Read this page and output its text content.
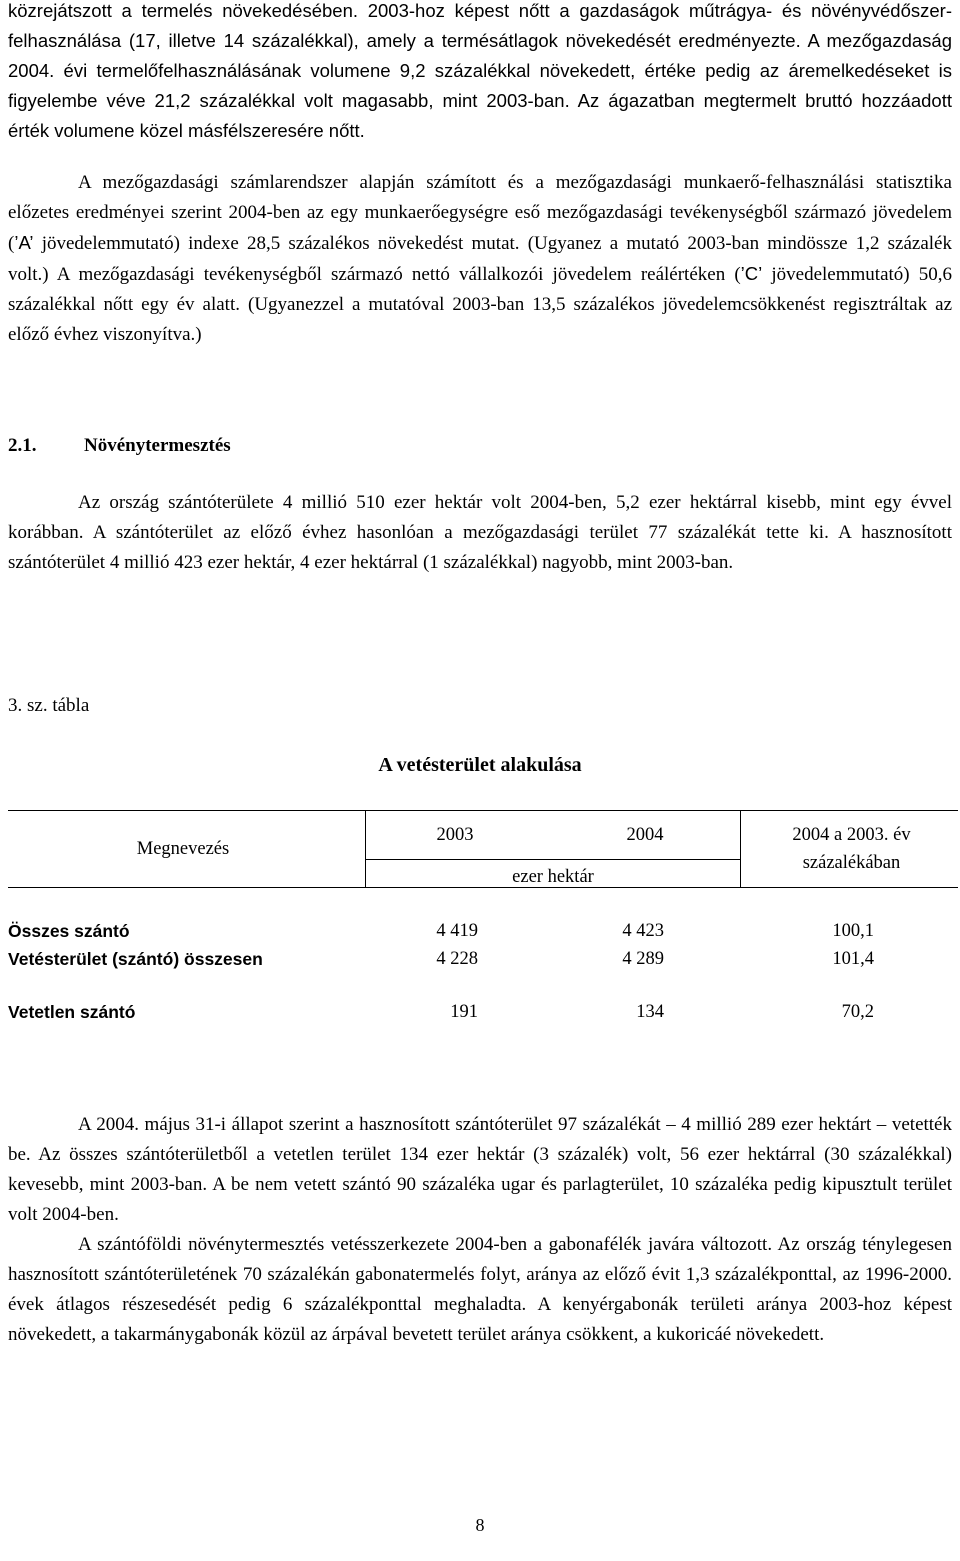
közrejátszott a termelés növekedésében. 2003-hoz képest nőtt a gazdaságok műtrágya- és növényvédőszer-felhasználása (17, illetve 14 százalékkal), amely a termésátlagok növekedését eredményezte. A mezőgazdaság 2004. évi termelőfelhasználásának volumene 9,2 százalékkal növekedett, értéke pedig az áremelkedéseket is figyelembe véve 21,2 százalékkal volt magasabb, mint 2003-ban. Az ágazatban megtermelt bruttó hozzáadott érték volumene közel másfélszeresére nőtt.

A mezőgazdasági számlarendszer alapján számított és a mezőgazdasági munkaerő-felhasználási statisztika előzetes eredményei szerint 2004-ben az egy munkaerőegységre eső mezőgazdasági tevékenységből származó jövedelem (’A’ jövedelemmutató) indexe 28,5 százalékos növekedést mutat. (Ugyanez a mutató 2003-ban mindössze 1,2 százalék volt.) A mezőgazdasági tevékenységből származó nettó vállalkozói jövedelem reálértéken (’C’ jövedelemmutató) 50,6 százalékkal nőtt egy év alatt. (Ugyanezzel a mutatóval 2003-ban 13,5 százalékos jövedelemcsökkenést regisztráltak az előző évhez viszonyítva.)

2.1.	Növénytermesztés

Az ország szántóterülete 4 millió 510 ezer hektár volt 2004-ben, 5,2 ezer hektárral kisebb, mint egy évvel korábban. A szántóterület az előző évhez hasonlóan a mezőgazdasági terület 77 százalékát tette ki. A hasznosított szántóterület 4 millió 423 ezer hektár, 4 ezer hektárral (1 százalékkal) nagyobb, mint 2003-ban.

3. sz. tábla
A vetésterület alakulása
Megnevezés
2003	2004
ezer hektár
2004 a 2003. év
százalékában
Összes szántó	4 419	4 423	100,1
Vetésterület (szántó) összesen	4 228	4 289	101,4
Vetetlen szántó	191	134	70,2

A 2004. május 31-i állapot szerint a hasznosított szántóterület 97 százalékát – 4 millió 289 ezer hektárt – vetették be. Az összes szántóterületből a vetetlen terület 134 ezer hektár (3 százalék) volt, 56 ezer hektárral (30 százalékkal) kevesebb, mint 2003-ban. A be nem vetett szántó 90 százaléka ugar és parlagterület, 10 százaléka pedig kipusztult terület volt 2004-ben.

A szántóföldi növénytermesztés vetésszerkezete 2004-ben a gabonafélék javára változott. Az ország ténylegesen hasznosított szántóterületének 70 százalékán gabonatermelés folyt, aránya az előző évit 1,3 százalékponttal, az 1996-2000. évek átlagos részesedését pedig 6 százalékponttal meghaladta. A kenyérgabonák területi aránya 2003-hoz képest növekedett, a takarmánygabonák közül az árpával bevetett terület aránya csökkent, a kukoricáé növekedett.

8
